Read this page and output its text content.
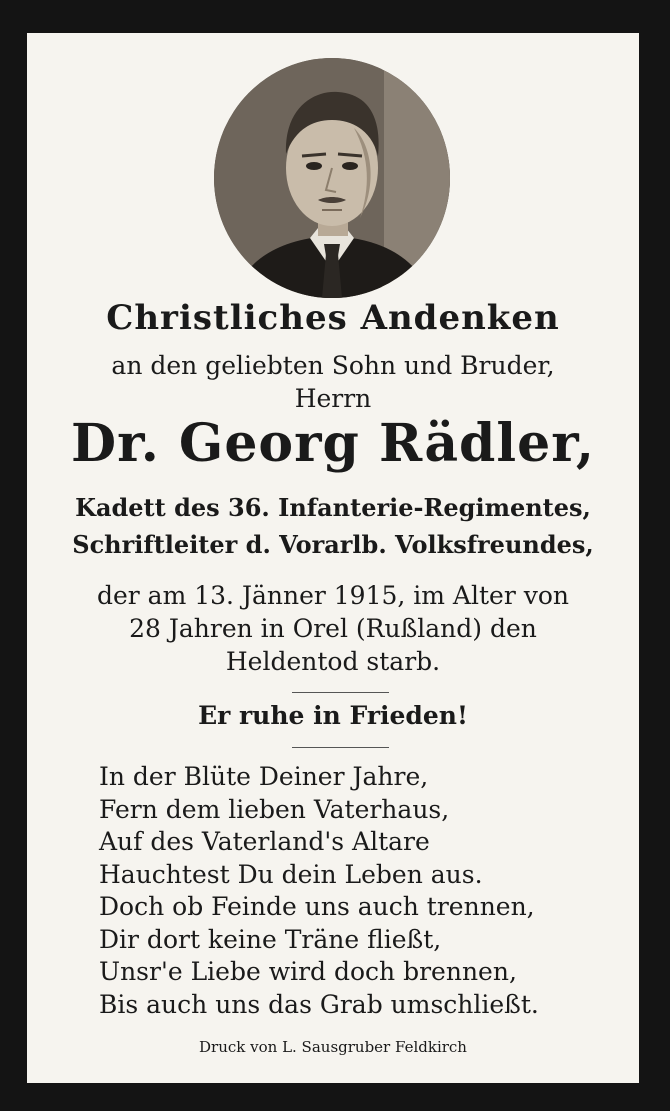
Christliches Andenken
an den geliebten Sohn und Bruder,
Herrn
Dr. Georg Rädler,
Kadett des 36. Infanterie-Regimentes,
Schriftleiter d. Vorarlb. Volksfreundes,
der am 13. Jänner 1915, im Alter von
28 Jahren in Orel (Rußland) den
Heldentod starb.
Er ruhe in Frieden!
In der Blüte Deiner Jahre,
Fern dem lieben Vaterhaus,
Auf des Vaterland's Altare
Hauchtest Du dein Leben aus.
Doch ob Feinde uns auch trennen,
Dir dort keine Träne fließt,
Unsr'e Liebe wird doch brennen,
Bis auch uns das Grab umschließt.
Druck von L. Sausgruber Feldkirch
